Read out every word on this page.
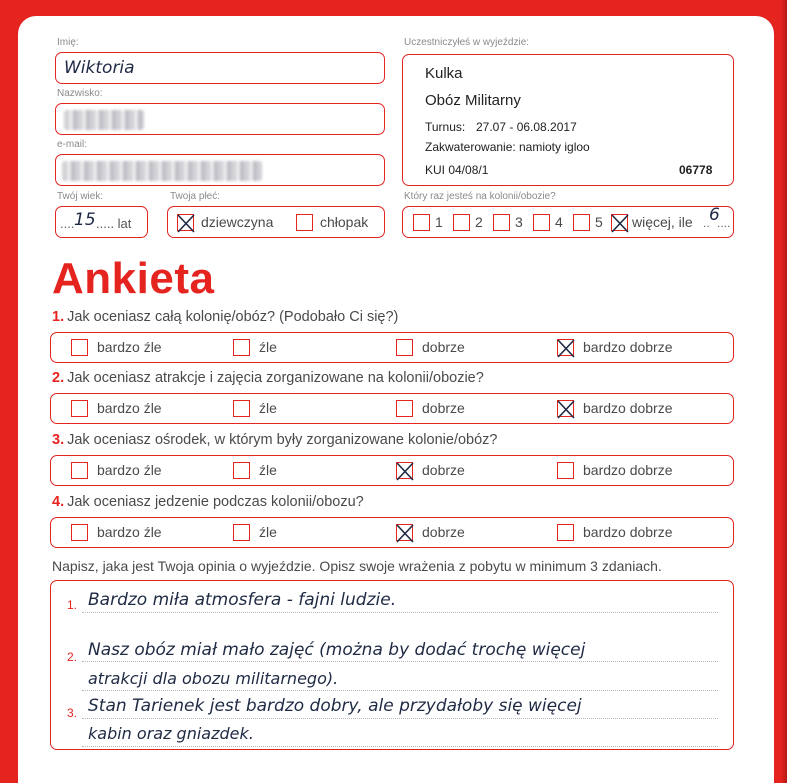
Imię:
Wiktoria
Nazwisko:
e-mail:
Twój wiek:
.... 15 ..... lat
Twoja płeć:
dziewczyna	chłopak
Uczestniczyłeś w wyjeździe:
Kulka
Obóz Militarny
Turnus: 27.07 - 06.08.2017
Zakwaterowanie: namioty igloo
KUI 04/08/1	06778
Który raz jesteś na kolonii/obozie?
1 2 3 4 5 więcej, ile .. 6
....
Ankieta
1. Jak oceniasz całą kolonię/obóz? (Podobało Ci się?)
bardzo źle	źle	dobrze	bardzo dobrze
2. Jak oceniasz atrakcje i zajęcia zorganizowane na kolonii/obozie?
bardzo źle	źle	dobrze	bardzo dobrze
3. Jak oceniasz ośrodek, w którym były zorganizowane kolonie/obóz?
bardzo źle	źle	dobrze	bardzo dobrze
4. Jak oceniasz jedzenie podczas kolonii/obozu?
bardzo źle	źle	dobrze	bardzo dobrze
Napisz, jaka jest Twoja opinia o wyjeździe. Opisz swoje wrażenia z pobytu w minimum 3 zdaniach.
1.
2.
3.
Bardzo miła atmosfera - fajni ludzie.
Nasz obóz miał mało zajęć (można by dodać trochę więcej
atrakcji dla obozu militarnego).
Stan Tarienek jest bardzo dobry, ale przydałoby się więcej
kabin oraz gniazdek.
